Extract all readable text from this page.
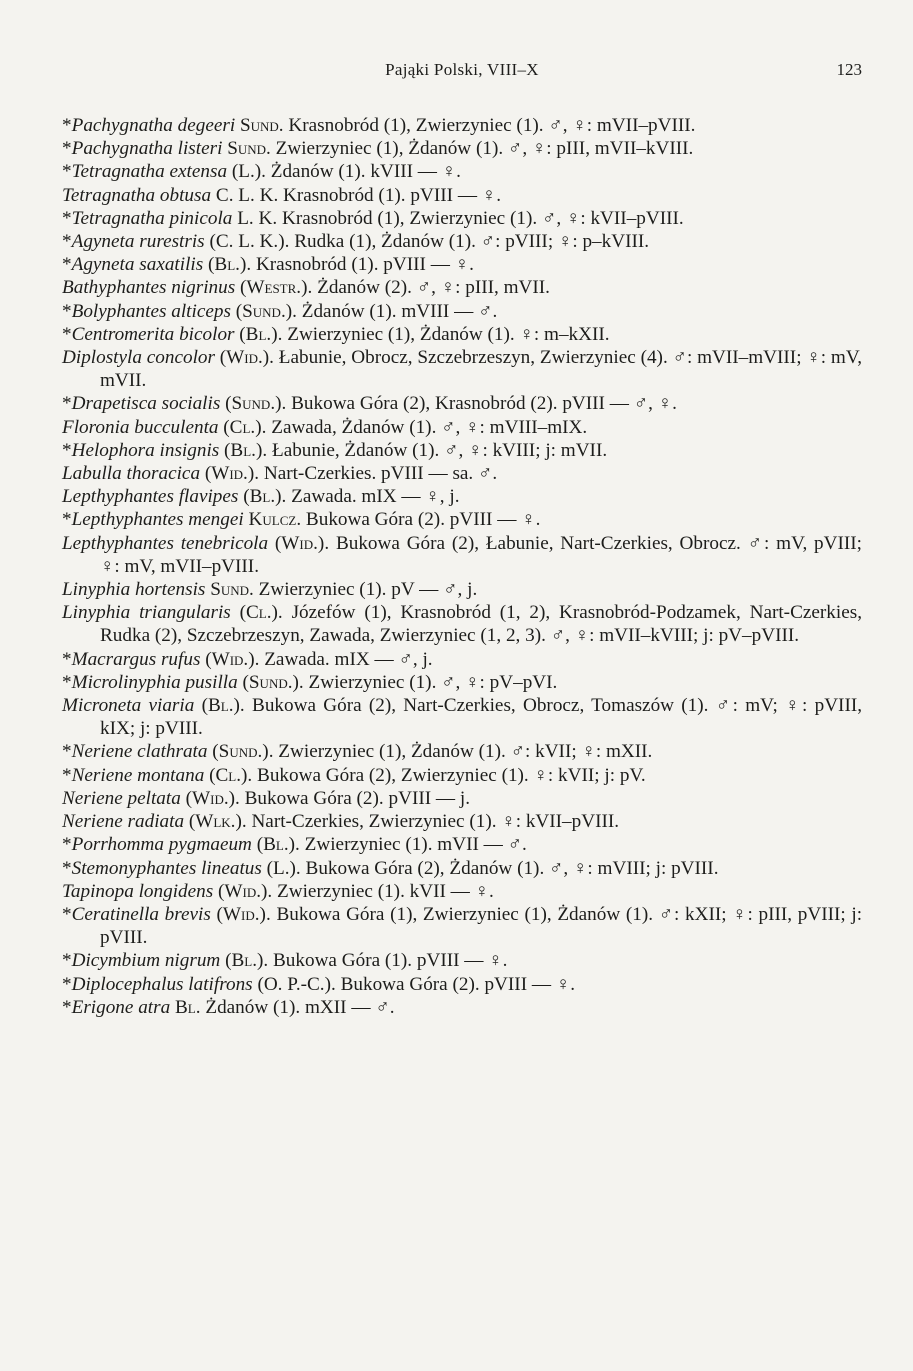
Pająki Polski, VIII–X	123

*Pachygnatha degeeri Sund. Krasnobród (1), Zwierzyniec (1). ♂, ♀: mVII–pVIII.

*Pachygnatha listeri Sund. Zwierzyniec (1), Żdanów (1). ♂, ♀: pIII, mVII–kVIII.

*Tetragnatha extensa (L.). Żdanów (1). kVIII — ♀.

Tetragnatha obtusa C. L. K. Krasnobród (1). pVIII — ♀.

*Tetragnatha pinicola L. K. Krasnobród (1), Zwierzyniec (1). ♂, ♀: kVII–pVIII.

*Agyneta rurestris (C. L. K.). Rudka (1), Żdanów (1). ♂: pVIII; ♀: p–kVIII.

*Agyneta saxatilis (Bl.). Krasnobród (1). pVIII — ♀.

Bathyphantes nigrinus (Westr.). Żdanów (2). ♂, ♀: pIII, mVII.

*Bolyphantes alticeps (Sund.). Żdanów (1). mVIII — ♂.

*Centromerita bicolor (Bl.). Zwierzyniec (1), Żdanów (1). ♀: m–kXII.

Diplostyla concolor (Wid.). Łabunie, Obrocz, Szczebrzeszyn, Zwierzyniec (4). ♂: mVII–mVIII; ♀: mV, mVII.

*Drapetisca socialis (Sund.). Bukowa Góra (2), Krasnobród (2). pVIII — ♂, ♀.

Floronia bucculenta (Cl.). Zawada, Żdanów (1). ♂, ♀: mVIII–mIX.

*Helophora insignis (Bl.). Łabunie, Żdanów (1). ♂, ♀: kVIII; j: mVII.

Labulla thoracica (Wid.). Nart-Czerkies. pVIII — sa. ♂.

Lepthyphantes flavipes (Bl.). Zawada. mIX — ♀, j.

*Lepthyphantes mengei Kulcz. Bukowa Góra (2). pVIII — ♀.

Lepthyphantes tenebricola (Wid.). Bukowa Góra (2), Łabunie, Nart-Czerkies, Obrocz. ♂: mV, pVIII; ♀: mV, mVII–pVIII.

Linyphia hortensis Sund. Zwierzyniec (1). pV — ♂, j.

Linyphia triangularis (Cl.). Józefów (1), Krasnobród (1, 2), Krasnobród-Podzamek, Nart-Czerkies, Rudka (2), Szczebrzeszyn, Zawada, Zwierzyniec (1, 2, 3). ♂, ♀: mVII–kVIII; j: pV–pVIII.

*Macrargus rufus (Wid.). Zawada. mIX — ♂, j.

*Microlinyphia pusilla (Sund.). Zwierzyniec (1). ♂, ♀: pV–pVI.

Microneta viaria (Bl.). Bukowa Góra (2), Nart-Czerkies, Obrocz, Tomaszów (1). ♂: mV; ♀: pVIII, kIX; j: pVIII.

*Neriene clathrata (Sund.). Zwierzyniec (1), Żdanów (1). ♂: kVII; ♀: mXII.

*Neriene montana (Cl.). Bukowa Góra (2), Zwierzyniec (1). ♀: kVII; j: pV.

Neriene peltata (Wid.). Bukowa Góra (2). pVIII — j.

Neriene radiata (Wlk.). Nart-Czerkies, Zwierzyniec (1). ♀: kVII–pVIII.

*Porrhomma pygmaeum (Bl.). Zwierzyniec (1). mVII — ♂.

*Stemonyphantes lineatus (L.). Bukowa Góra (2), Żdanów (1). ♂, ♀: mVIII; j: pVIII.

Tapinopa longidens (Wid.). Zwierzyniec (1). kVII — ♀.

*Ceratinella brevis (Wid.). Bukowa Góra (1), Zwierzyniec (1), Żdanów (1). ♂: kXII; ♀: pIII, pVIII; j: pVIII.

*Dicymbium nigrum (Bl.). Bukowa Góra (1). pVIII — ♀.

*Diplocephalus latifrons (O. P.-C.). Bukowa Góra (2). pVIII — ♀.

*Erigone atra Bl. Żdanów (1). mXII — ♂.
